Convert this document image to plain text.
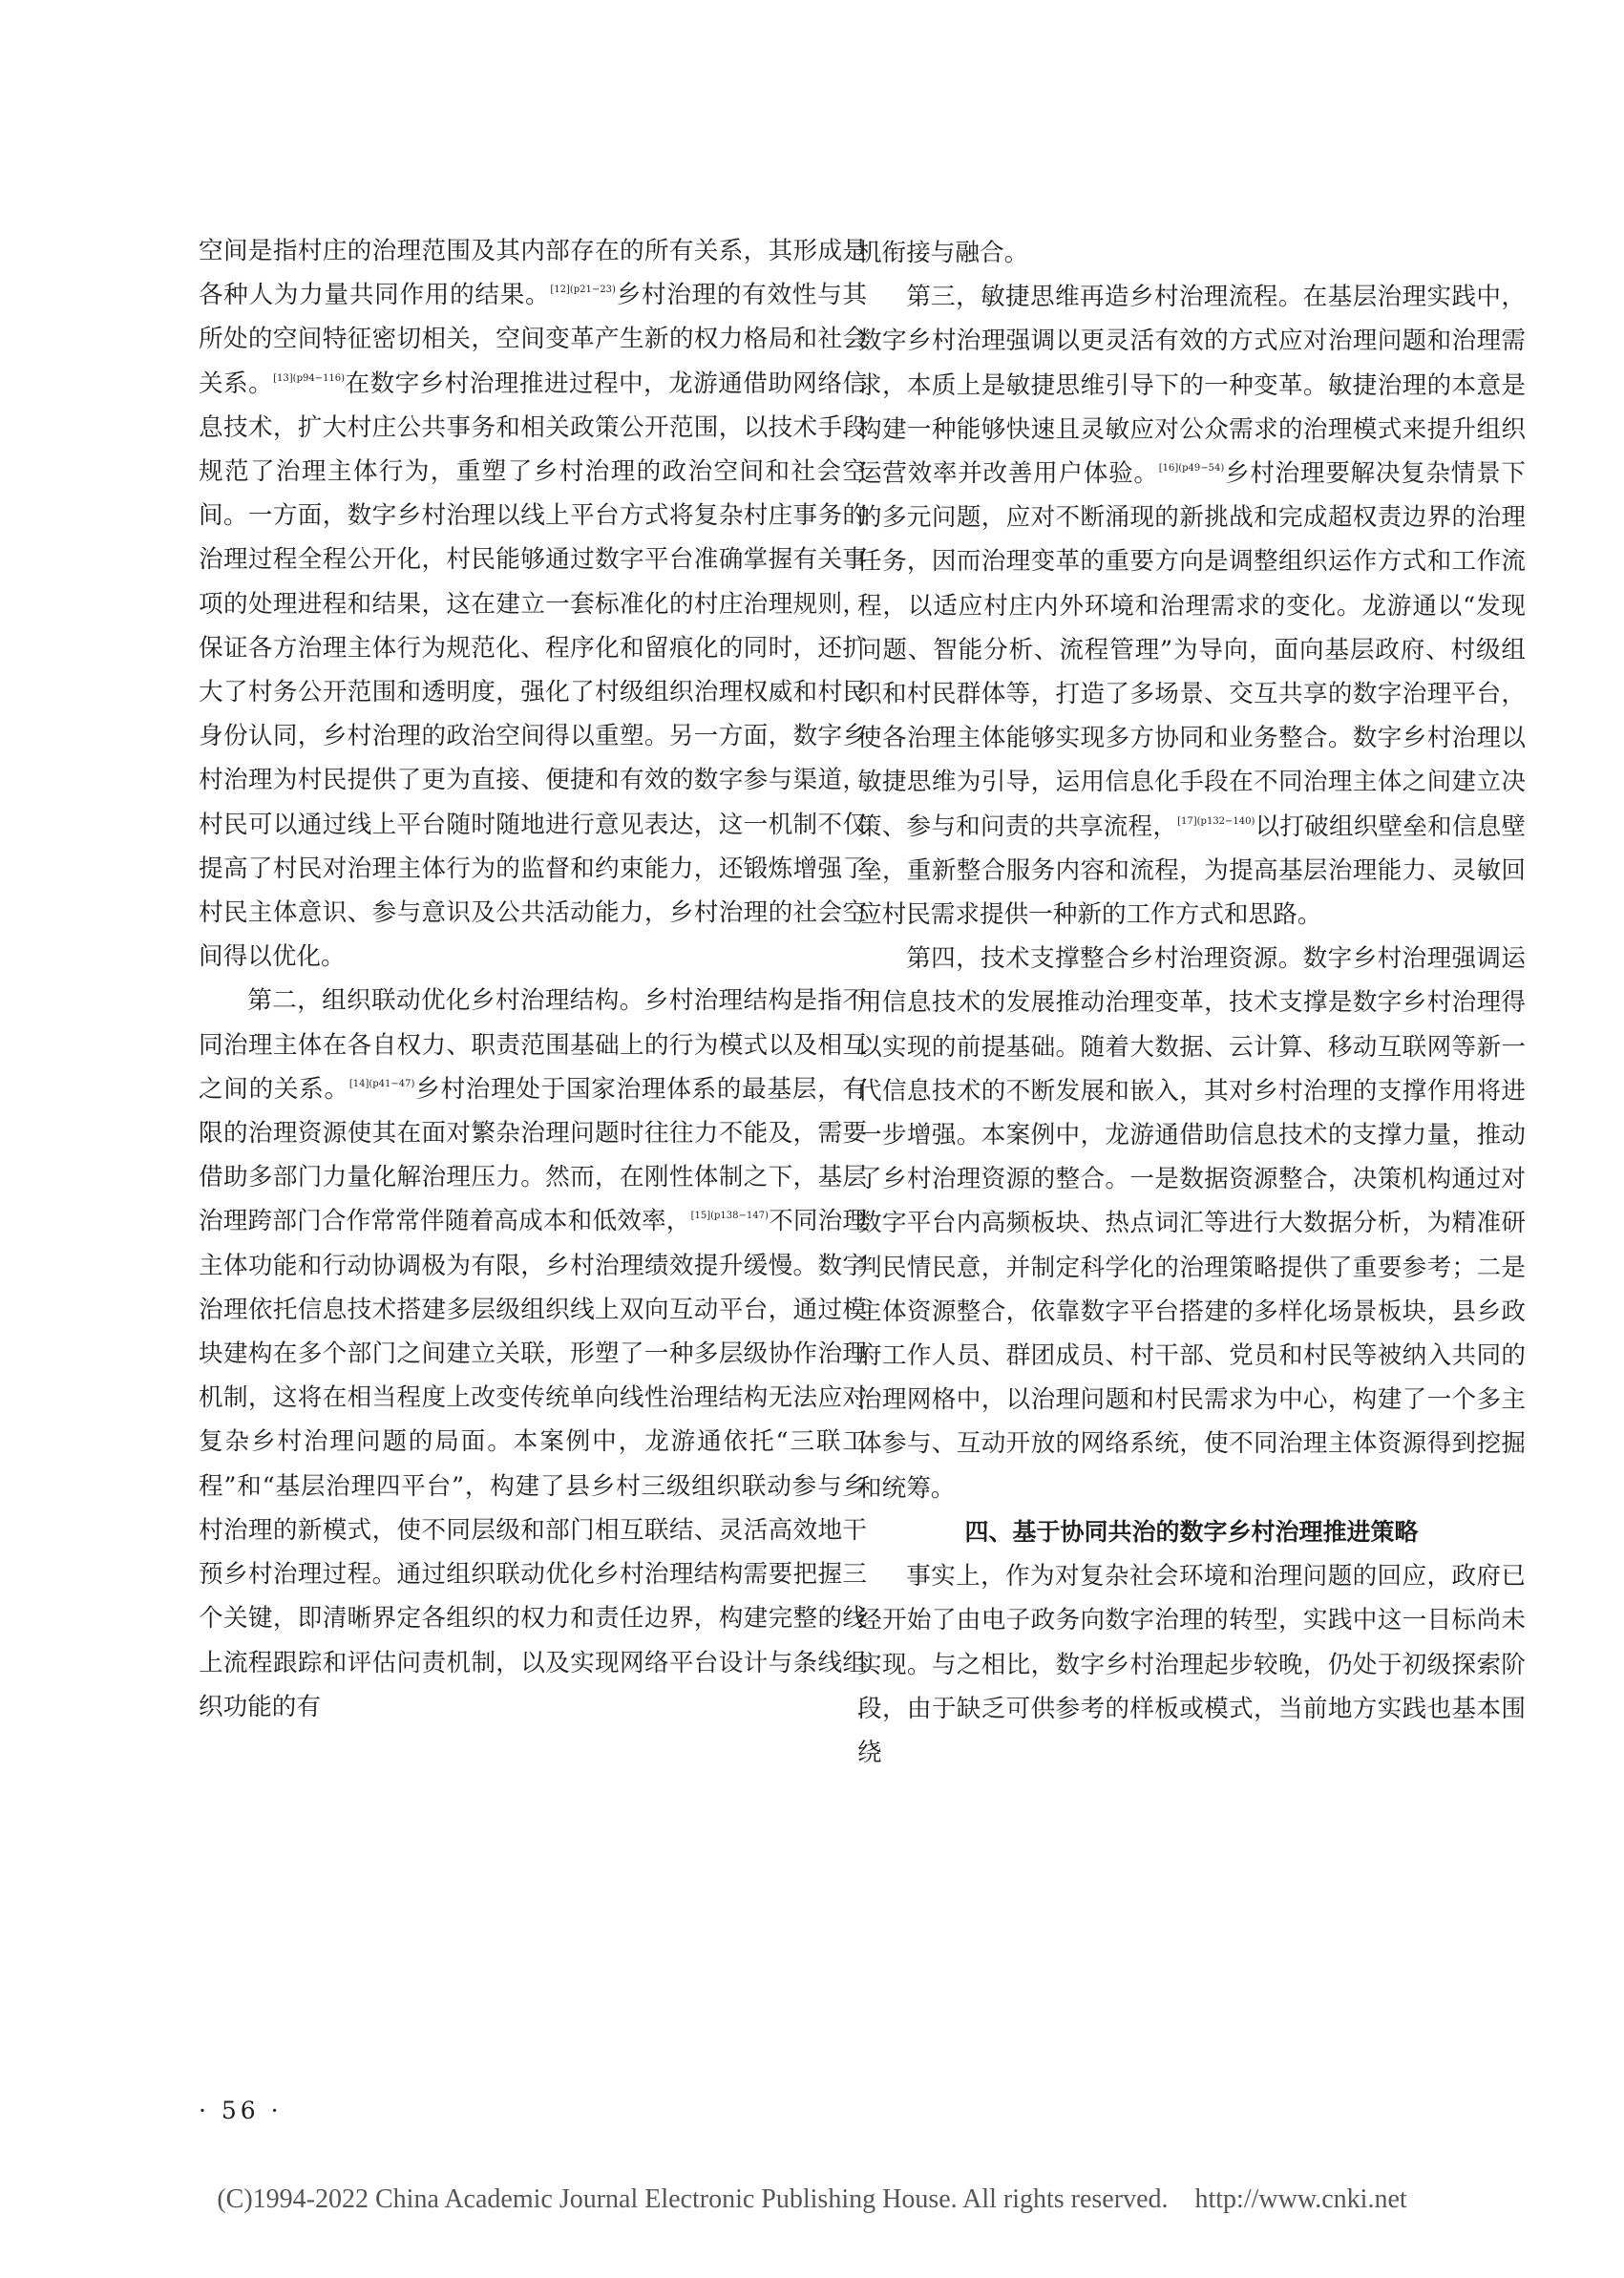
空间是指村庄的治理范围及其内部存在的所有关系，其形成是各种人为力量共同作用的结果。$^{[12](p21-23)}$乡村治理的有效性与其所处的空间特征密切相关，空间变革产生新的权力格局和社会关系。$^{[13](p94-116)}$在数字乡村治理推进过程中，龙游通借助网络信息技术，扩大村庄公共事务和相关政策公开范围，以技术手段规范了治理主体行为，重塑了乡村治理的政治空间和社会空间。一方面，数字乡村治理以线上平台方式将复杂村庄事务的治理过程全程公开化，村民能够通过数字平台准确掌握有关事项的处理进程和结果，这在建立一套标准化的村庄治理规则，保证各方治理主体行为规范化、程序化和留痕化的同时，还扩大了村务公开范围和透明度，强化了村级组织治理权威和村民身份认同，乡村治理的政治空间得以重塑。另一方面，数字乡村治理为村民提供了更为直接、便捷和有效的数字参与渠道，村民可以通过线上平台随时随地进行意见表达，这一机制不仅提高了村民对治理主体行为的监督和约束能力，还锻炼增强了村民主体意识、参与意识及公共活动能力，乡村治理的社会空间得以优化。

第二，组织联动优化乡村治理结构。乡村治理结构是指不同治理主体在各自权力、职责范围基础上的行为模式以及相互之间的关系。$^{[14](p41-47)}$乡村治理处于国家治理体系的最基层，有限的治理资源使其在面对繁杂治理问题时往往力不能及，需要借助多部门力量化解治理压力。然而，在刚性体制之下，基层治理跨部门合作常常伴随着高成本和低效率，$^{[15](p138-147)}$不同治理主体功能和行动协调极为有限，乡村治理绩效提升缓慢。数字治理依托信息技术搭建多层级组织线上双向互动平台，通过模块建构在多个部门之间建立关联，形塑了一种多层级协作治理机制，这将在相当程度上改变传统单向线性治理结构无法应对复杂乡村治理问题的局面。本案例中，龙游通依托“三联工程”和“基层治理四平台”，构建了县乡村三级组织联动参与乡村治理的新模式，使不同层级和部门相互联结、灵活高效地干预乡村治理过程。通过组织联动优化乡村治理结构需要把握三个关键，即清晰界定各组织的权力和责任边界，构建完整的线上流程跟踪和评估问责机制，以及实现网络平台设计与条线组织功能的有

机衔接与融合。

第三，敏捷思维再造乡村治理流程。在基层治理实践中，数字乡村治理强调以更灵活有效的方式应对治理问题和治理需求，本质上是敏捷思维引导下的一种变革。敏捷治理的本意是构建一种能够快速且灵敏应对公众需求的治理模式来提升组织运营效率并改善用户体验。$^{[16](p49-54)}$乡村治理要解决复杂情景下的多元问题，应对不断涌现的新挑战和完成超权责边界的治理任务，因而治理变革的重要方向是调整组织运作方式和工作流程，以适应村庄内外环境和治理需求的变化。龙游通以“发现问题、智能分析、流程管理”为导向，面向基层政府、村级组织和村民群体等，打造了多场景、交互共享的数字治理平台，使各治理主体能够实现多方协同和业务整合。数字乡村治理以敏捷思维为引导，运用信息化手段在不同治理主体之间建立决策、参与和问责的共享流程，$^{[17](p132-140)}$以打破组织壁垒和信息壁垒，重新整合服务内容和流程，为提高基层治理能力、灵敏回应村民需求提供一种新的工作方式和思路。

第四，技术支撑整合乡村治理资源。数字乡村治理强调运用信息技术的发展推动治理变革，技术支撑是数字乡村治理得以实现的前提基础。随着大数据、云计算、移动互联网等新一代信息技术的不断发展和嵌入，其对乡村治理的支撑作用将进一步增强。本案例中，龙游通借助信息技术的支撑力量，推动了乡村治理资源的整合。一是数据资源整合，决策机构通过对数字平台内高频板块、热点词汇等进行大数据分析，为精准研判民情民意，并制定科学化的治理策略提供了重要参考；二是主体资源整合，依靠数字平台搭建的多样化场景板块，县乡政府工作人员、群团成员、村干部、党员和村民等被纳入共同的治理网格中，以治理问题和村民需求为中心，构建了一个多主体参与、互动开放的网络系统，使不同治理主体资源得到挖掘和统筹。

四、基于协同共治的数字乡村治理推进策略

事实上，作为对复杂社会环境和治理问题的回应，政府已经开始了由电子政务向数字治理的转型，实践中这一目标尚未实现。与之相比，数字乡村治理起步较晚，仍处于初级探索阶段，由于缺乏可供参考的样板或模式，当前地方实践也基本围绕

· 56 ·
(C)1994-2022 China Academic Journal Electronic Publishing House. All rights reserved.    http://www.cnki.net
